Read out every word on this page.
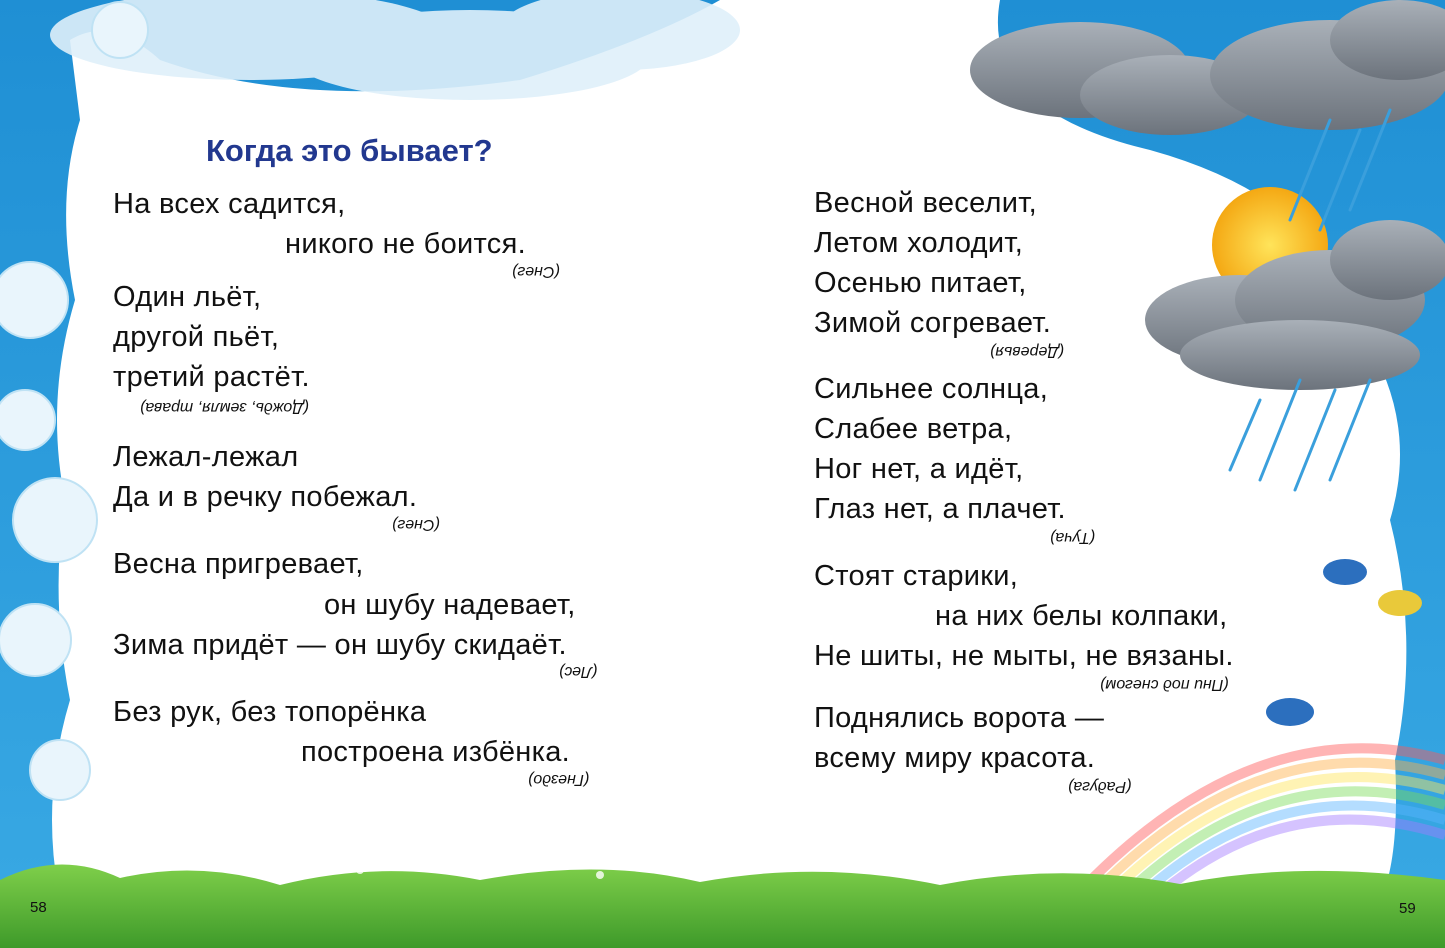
Когда это бывает?
На всех садится,
никого не боится.
(Снег)
Один льёт,
другой пьёт,
третий растёт.
(Дождь, земля, трава)
Лежал-лежал
Да и в речку побежал.
(Снег)
Весна пригревает,
он шубу надевает,
Зима придёт — он шубу скидаёт.
(Лес)
Без рук, без топорёнка
построена избёнка.
(Гнездо)
Весной веселит,
Летом холодит,
Осенью питает,
Зимой согревает.
(Деревья)
Сильнее солнца,
Слабее ветра,
Ног нет, а идёт,
Глаз нет, а плачет.
(Туча)
Стоят старики,
на них белы колпаки,
Не шиты, не мыты, не вязаны.
(Пни под снегом)
Поднялись ворота —
всему миру красота.
(Радуга)
58	59
